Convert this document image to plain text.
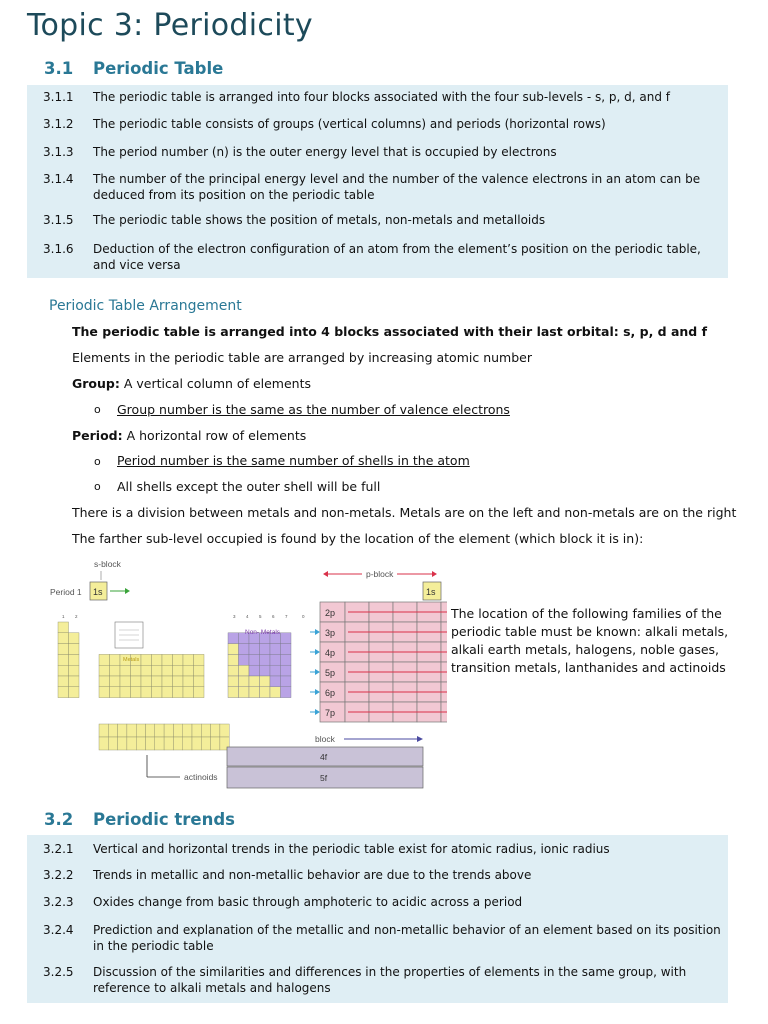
Topic 3: Periodicity
3.1 Periodic Table
3.1.1	The periodic table is arranged into four blocks associated with the four sub-levels - s, p, d, and f
3.1.2	The periodic table consists of groups (vertical columns) and periods (horizontal rows)
3.1.3	The period number (n) is the outer energy level that is occupied by electrons
3.1.4	The number of the principal energy level and the number of the valence electrons in an atom can be deduced from its position on the periodic table
3.1.5	The periodic table shows the position of metals, non-metals and metalloids
3.1.6	Deduction of the electron configuration of an atom from the element’s position on the periodic table, and vice versa
Periodic Table Arrangement
The periodic table is arranged into 4 blocks associated with their last orbital: s, p, d and f
Elements in the periodic table are arranged by increasing atomic number
Group: A vertical column of elements
o Group number is the same as the number of valence electrons
Period: A horizontal row of elements
o Period number is the same number of shells in the atom
o All shells except the outer shell will be full
There is a division between metals and non-metals. Metals are on the left and non-metals are on the right
The farther sub-level occupied is found by the location of the element (which block it is in):
s-block
Period 1 1s
p-block
1s
1 2	3 4 5 6 7	0
Metals
Non- Metals
2p
3p
4p
5p
6p
7p
actinoids
block
4f
5f
The location of the following families of the periodic table must be known: alkali metals, alkali earth metals, halogens, noble gases, transition metals, lanthanides and actinoids
3.2 Periodic trends
3.2.1	Vertical and horizontal trends in the periodic table exist for atomic radius, ionic radius
3.2.2	Trends in metallic and non-metallic behavior are due to the trends above
3.2.3	Oxides change from basic through amphoteric to acidic across a period
3.2.4	Prediction and explanation of the metallic and non-metallic behavior of an element based on its position in the periodic table
3.2.5	Discussion of the similarities and differences in the properties of elements in the same group, with reference to alkali metals and halogens
